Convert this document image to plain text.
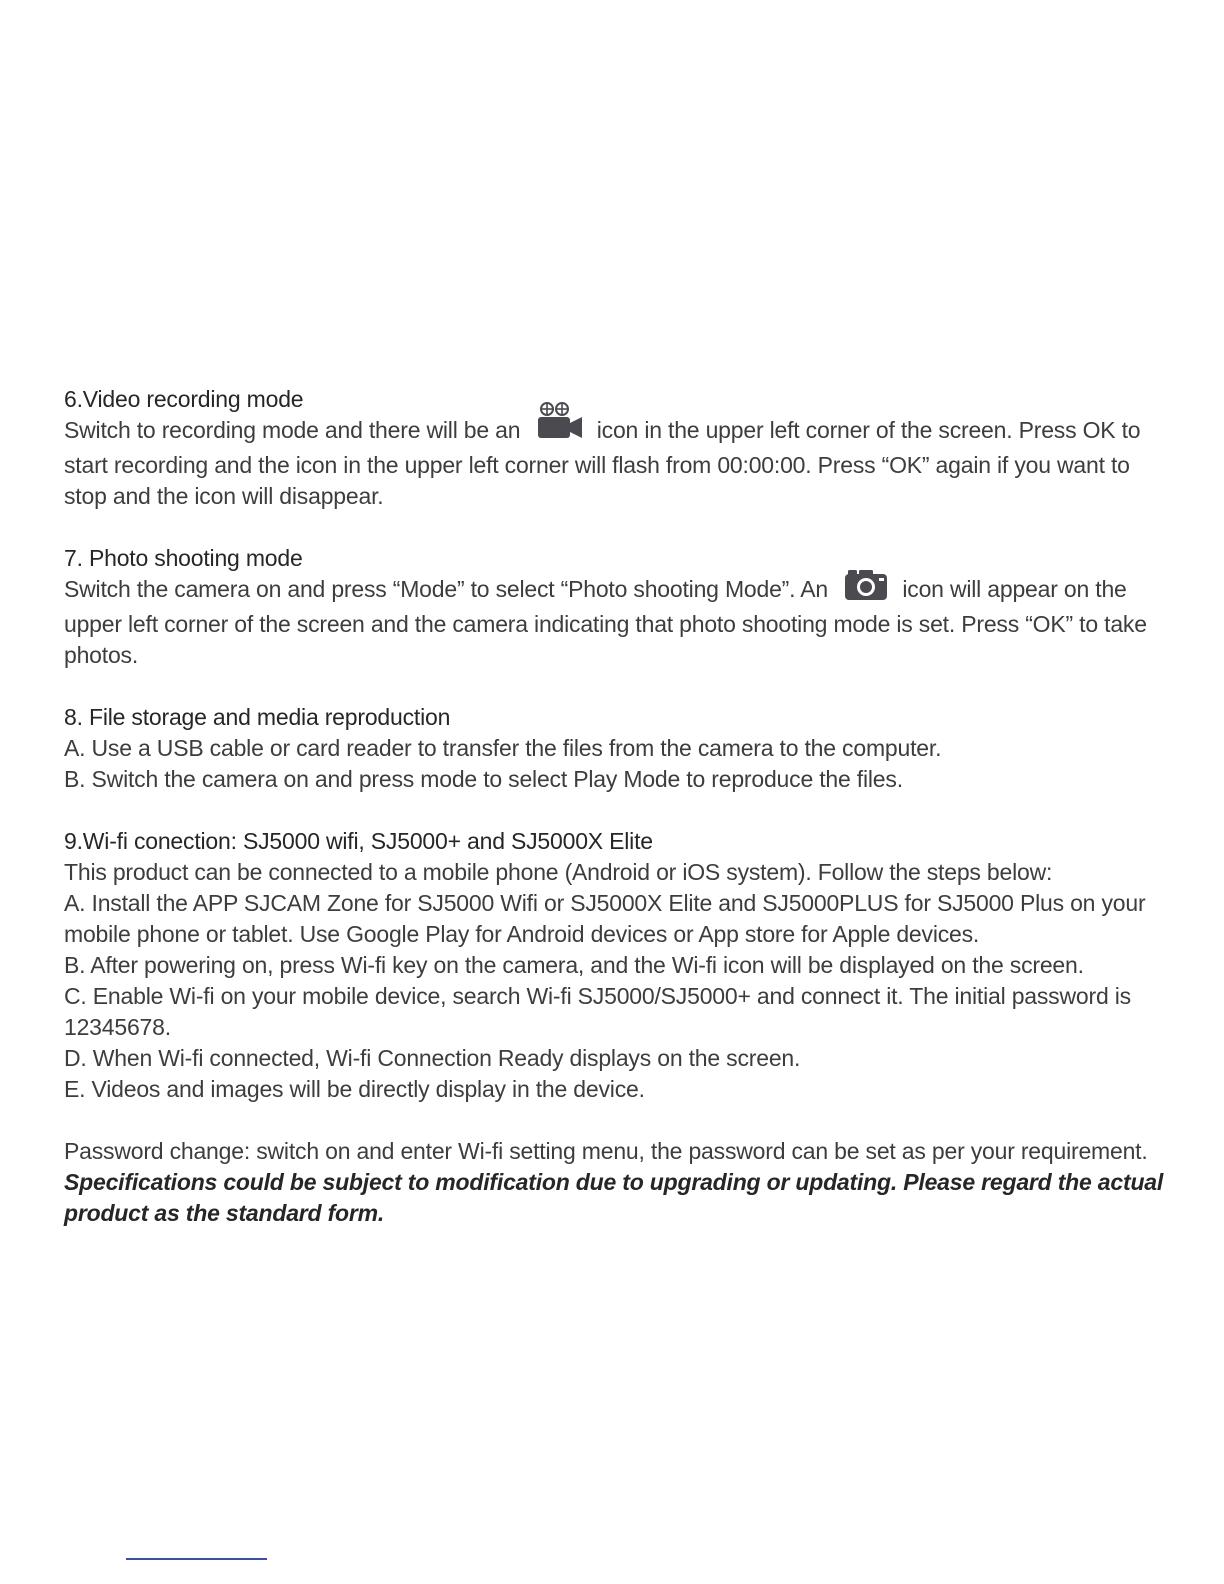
6.Video recording mode

Switch to recording mode and there will be an	icon in the upper left corner of the screen. Press OK to start recording and the icon in the upper left corner will flash from 00:00:00. Press “OK” again if you want to stop and the icon will disappear.

7. Photo shooting mode

Switch the camera on and press “Mode” to select “Photo shooting Mode”. An	icon will appear on the upper left corner of the screen and the camera indicating that photo shooting mode is set. Press “OK” to take photos.

8. File storage and media reproduction

A. Use a USB cable or card reader to transfer the files from the camera to the computer.

B. Switch the camera on and press mode to select Play Mode to reproduce the files.

9.Wi-fi conection: SJ5000 wifi, SJ5000+ and SJ5000X Elite

This product can be connected to a mobile phone (Android or iOS system). Follow the steps below:

A. Install the APP SJCAM Zone for SJ5000 Wifi or SJ5000X Elite and SJ5000PLUS for SJ5000 Plus on your mobile phone or tablet. Use Google Play for Android devices or App store for Apple devices.

B. After powering on, press Wi-fi key on the camera, and the Wi-fi icon will be displayed on the screen.

C. Enable Wi-fi on your mobile device, search Wi-fi SJ5000/SJ5000+ and connect it. The initial password is 12345678.

D. When Wi-fi connected, Wi-fi Connection Ready displays on the screen.

E. Videos and images will be directly display in the device.

Password change: switch on and enter Wi-fi setting menu, the password can be set as per your requirement.

Specifications could be subject to modification due to upgrading or updating. Please regard the actual product as the standard form.
